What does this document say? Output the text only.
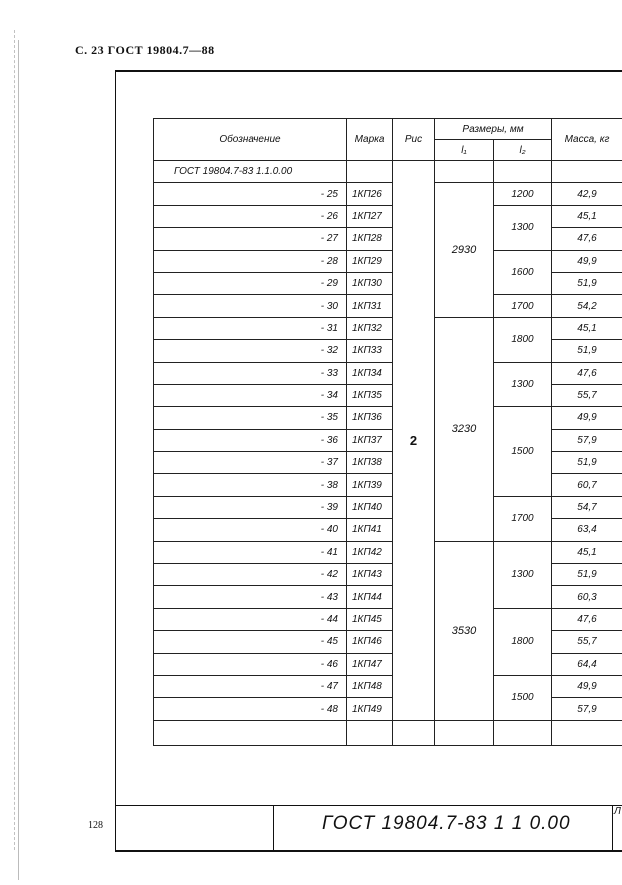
С. 23 ГОСТ 19804.7—88
Обозначение	Марка	Рис	Размеры, мм		Масса, кг
			l₁	l₂	
ГОСТ 19804.7-83 1.1.0.00		2			
- 25	1КП26		2930	1200	42,9
- 26	1КП27			1300	45,1
- 27	1КП28				47,6
- 28	1КП29			1600	49,9
- 29	1КП30				51,9
- 30	1КП31			1700	54,2
- 31	1КП32		3230	1800	45,1
- 32	1КП33				51,9
- 33	1КП34			1300	47,6
- 34	1КП35				55,7
- 35	1КП36			1500	49,9
- 36	1КП37				57,9
- 37	1КП38				51,9
- 38	1КП39				60,7
- 39	1КП40			1700	54,7
- 40	1КП41				63,4
- 41	1КП42		3530	1300	45,1
- 42	1КП43				51,9
- 43	1КП44				60,3
- 44	1КП45			1800	47,6
- 45	1КП46				55,7
- 46	1КП47				64,4
- 47	1КП48			1500	49,9
- 48	1КП49				57,9

ГОСТ 19804.7-83 1 1 0.00
Л
128
